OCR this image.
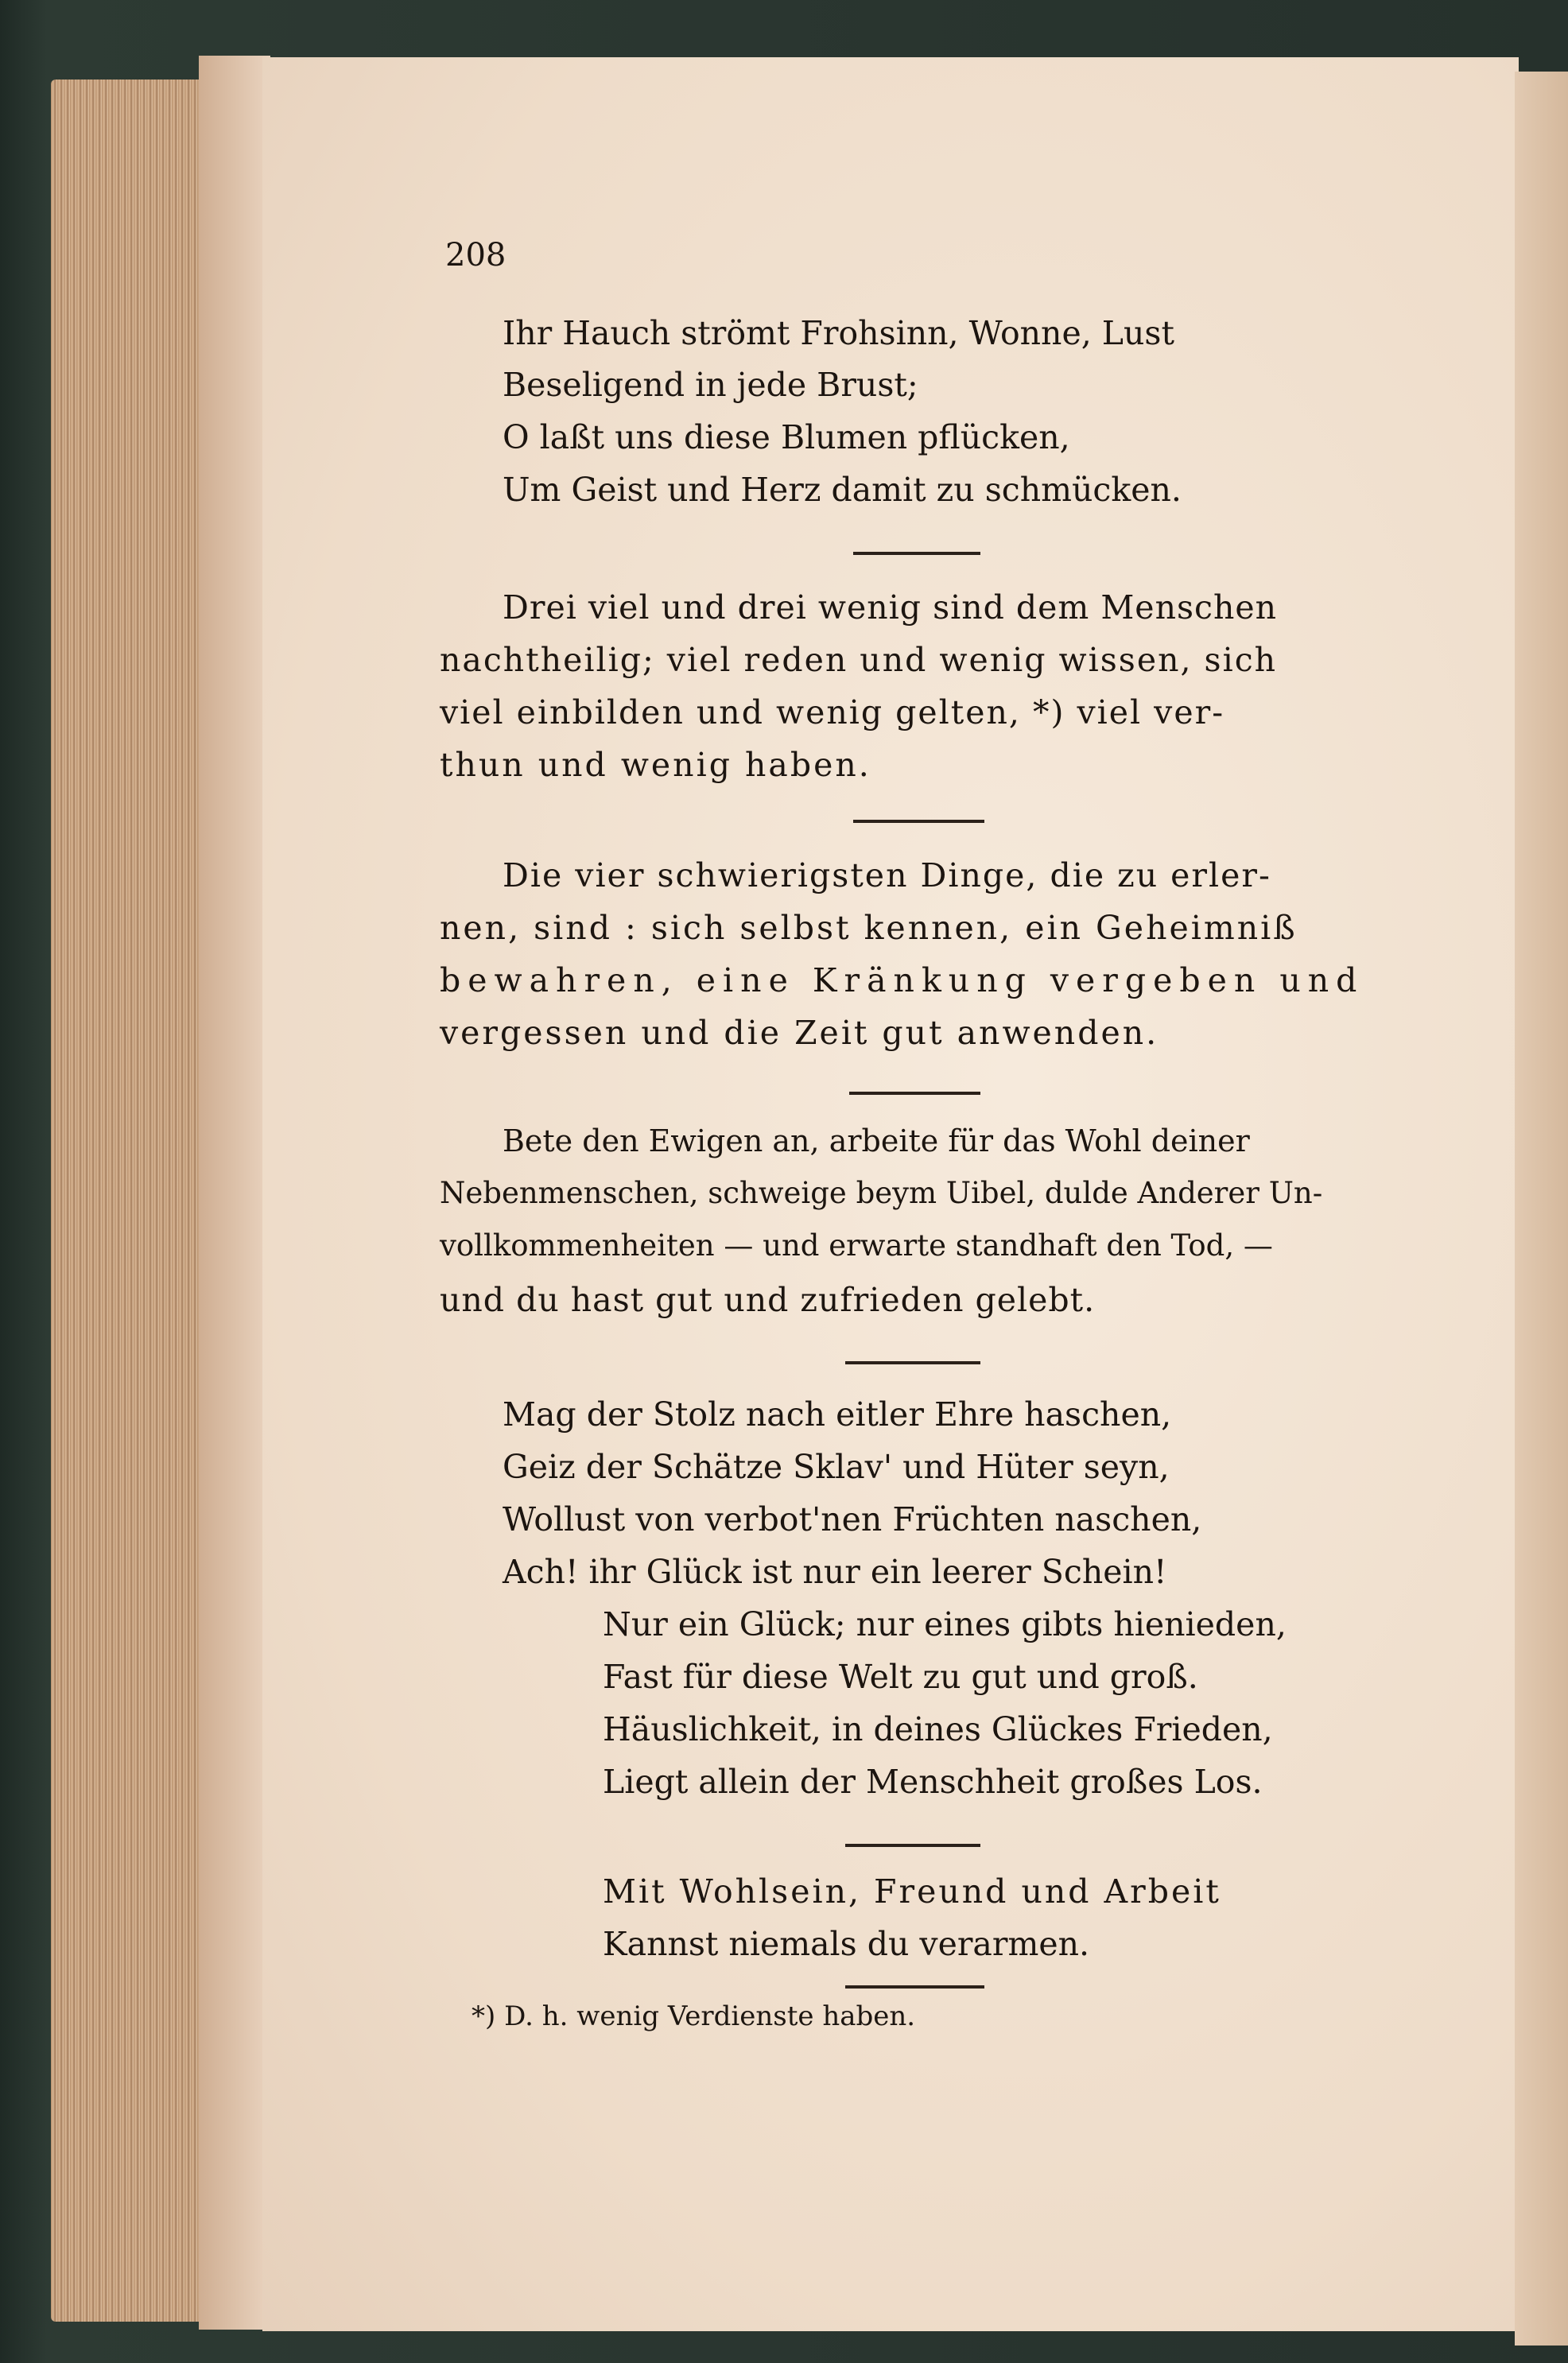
208
Ihr Hauch strömt Frohsinn, Wonne, Lust
Beseligend in jede Brust;
O laßt uns diese Blumen pflücken,
Um Geist und Herz damit zu schmücken.
Drei viel und drei wenig sind dem Menschen
nachtheilig; viel reden und wenig wissen, sich
viel einbilden und wenig gelten, *) viel ver-
thun und wenig haben.
Die vier schwierigsten Dinge, die zu erler-
nen, sind : sich selbst kennen, ein Geheimniß
bewahren, eine Kränkung vergeben und
vergessen und die Zeit gut anwenden.
Bete den Ewigen an, arbeite für das Wohl deiner
Nebenmenschen, schweige beym Uibel, dulde Anderer Un-
vollkommenheiten — und erwarte standhaft den Tod, —
und du hast gut und zufrieden gelebt.
Mag der Stolz nach eitler Ehre haschen,
Geiz der Schätze Sklav' und Hüter seyn,
Wollust von verbot'nen Früchten naschen,
Ach! ihr Glück ist nur ein leerer Schein!
Nur ein Glück; nur eines gibts hienieden,
Fast für diese Welt zu gut und groß.
Häuslichkeit, in deines Glückes Frieden,
Liegt allein der Menschheit großes Los.
Mit Wohlsein, Freund und Arbeit
Kannst niemals du verarmen.
*) D. h. wenig Verdienste haben.
